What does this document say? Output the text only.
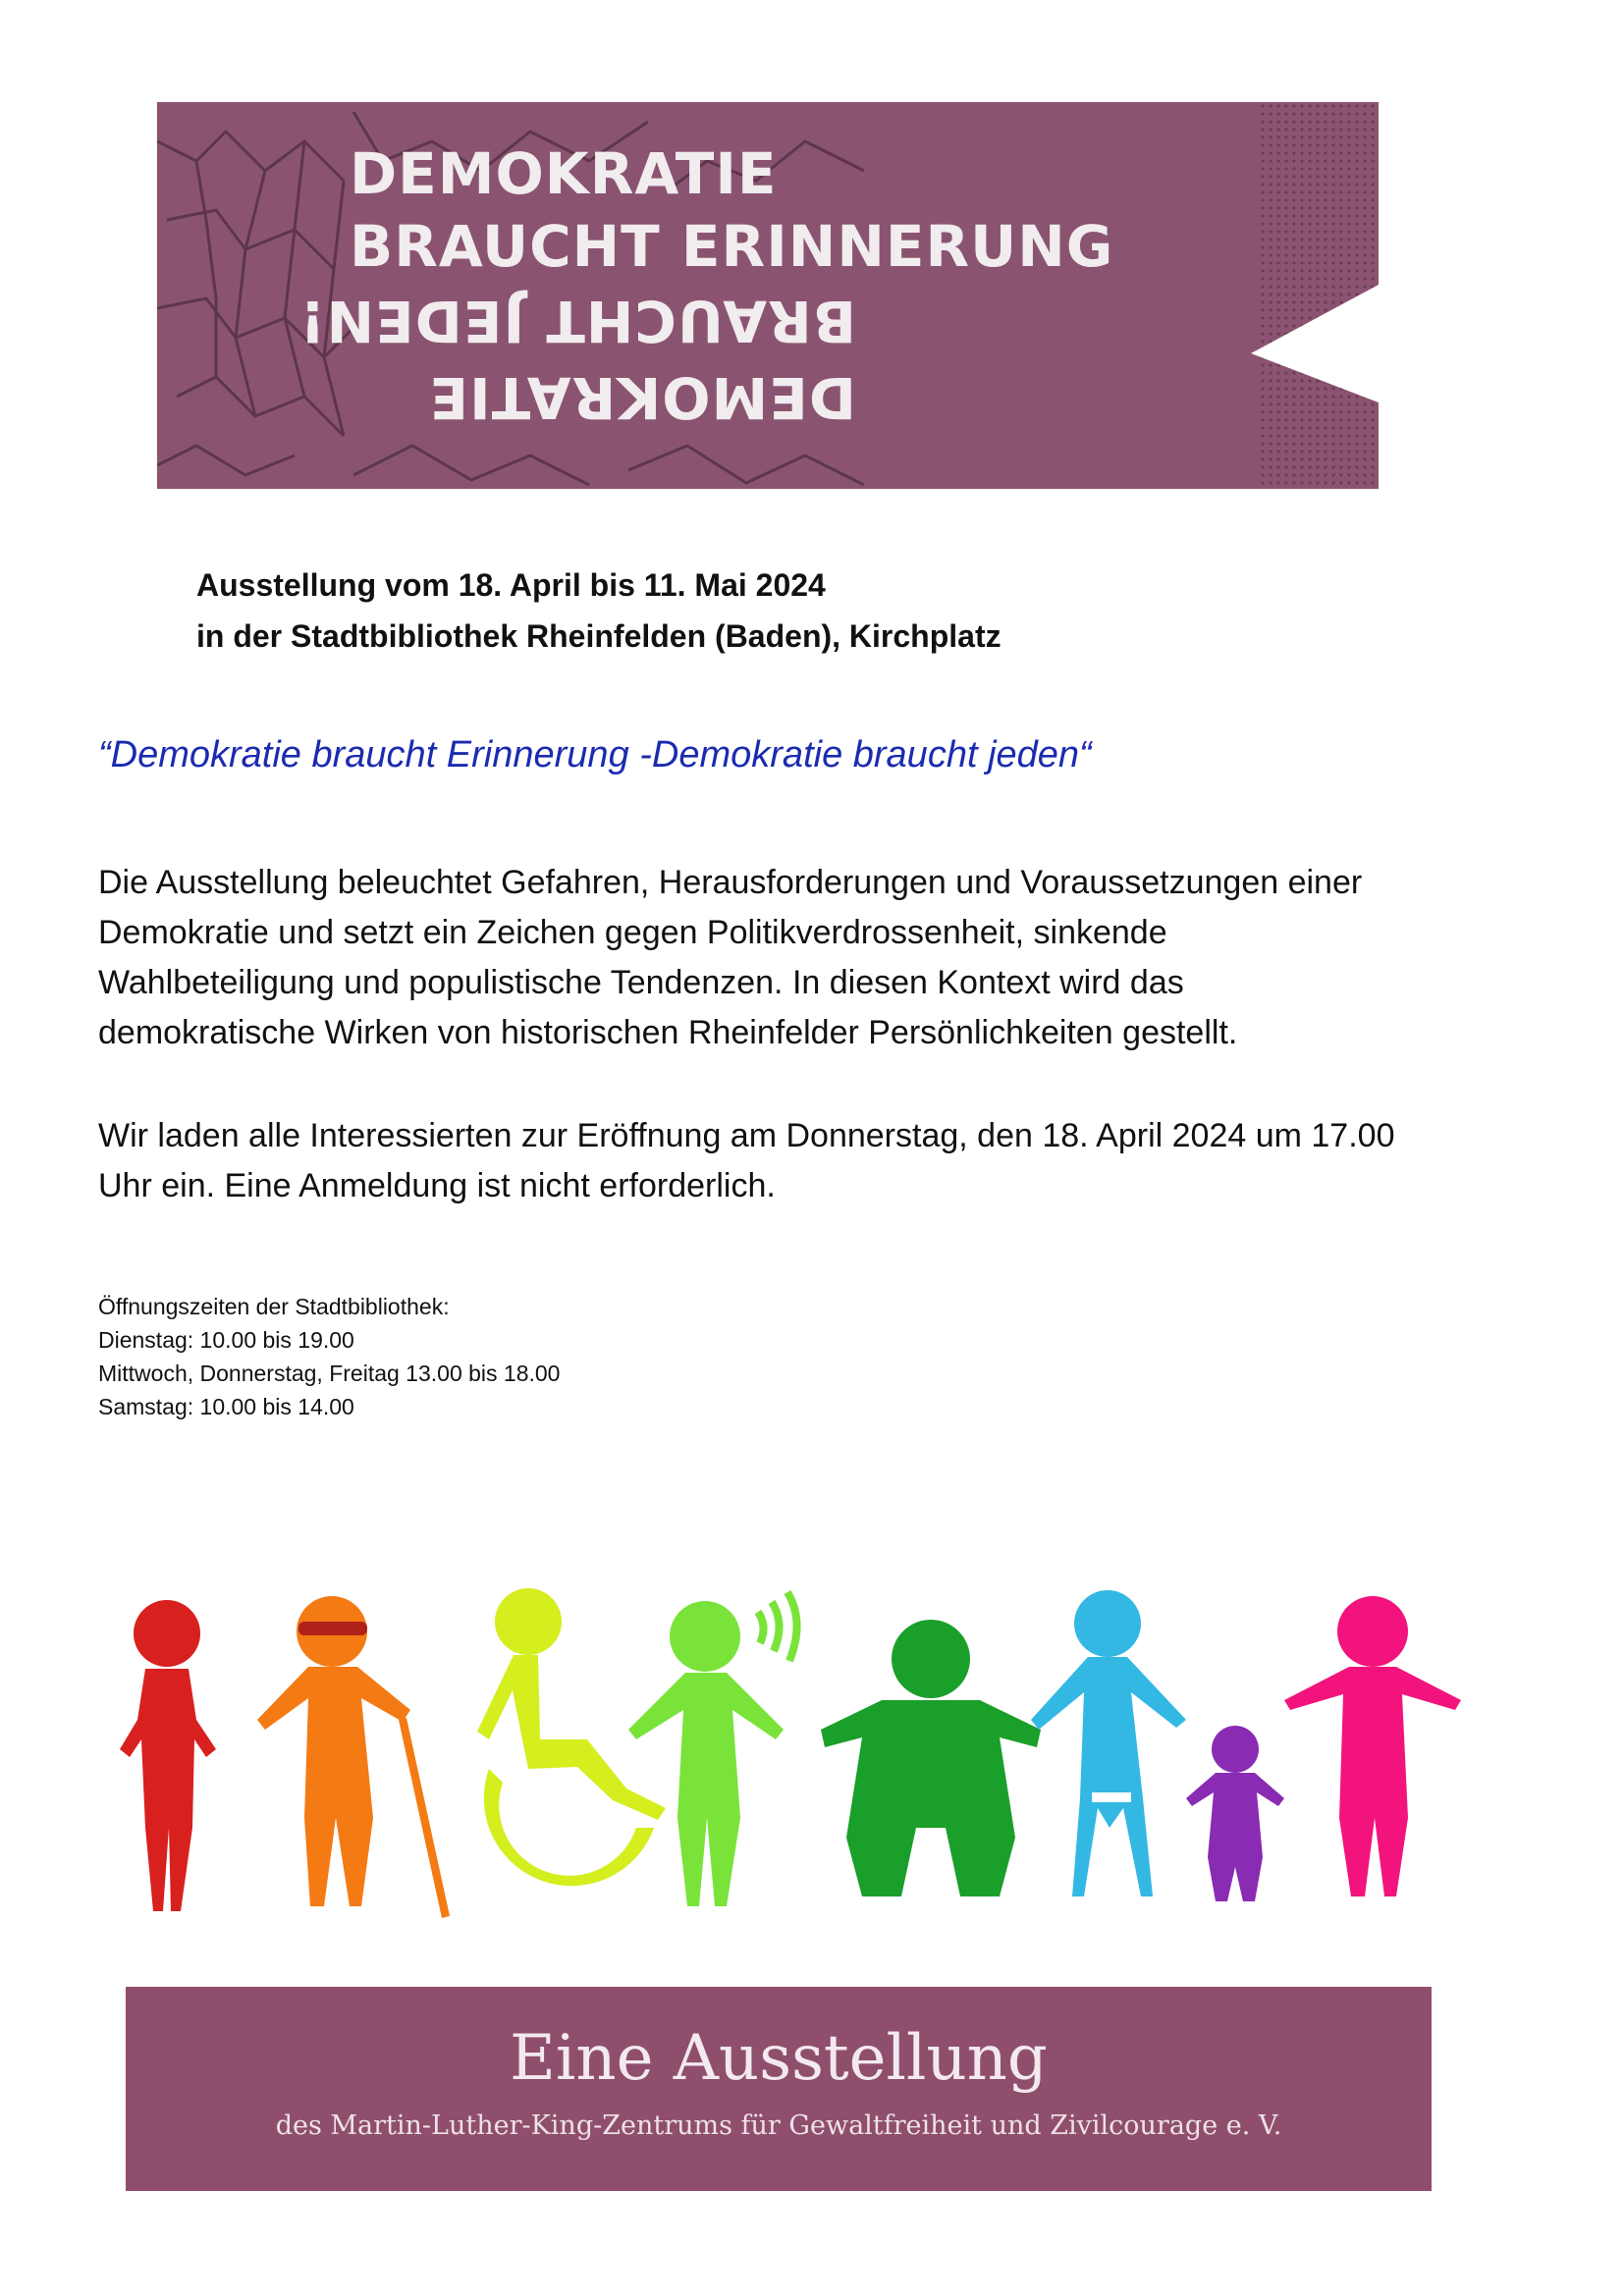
DEMOKRATIE
BRAUCHT ERINNERUNG
BRAUCHT JEDEN!
DEMOKRATIE
Ausstellung vom 18. April bis 11. Mai 2024
in der Stadtbibliothek Rheinfelden (Baden), Kirchplatz
“Demokratie braucht Erinnerung -Demokratie braucht jeden“
Die Ausstellung beleuchtet Gefahren, Herausforderungen und Voraussetzungen einer
Demokratie und setzt ein Zeichen gegen Politikverdrossenheit, sinkende
Wahlbeteiligung und populistische Tendenzen. In diesen Kontext wird das
demokratische Wirken von historischen Rheinfelder Persönlichkeiten gestellt.
Wir laden alle Interessierten zur Eröffnung am Donnerstag, den 18. April 2024 um 17.00
Uhr ein. Eine Anmeldung ist nicht erforderlich.
Öffnungszeiten der Stadtbibliothek:
Dienstag: 10.00 bis 19.00
Mittwoch, Donnerstag, Freitag 13.00 bis 18.00
Samstag: 10.00 bis 14.00
Eine Ausstellung
des Martin-Luther-King-Zentrums für Gewaltfreiheit und Zivilcourage e. V.
